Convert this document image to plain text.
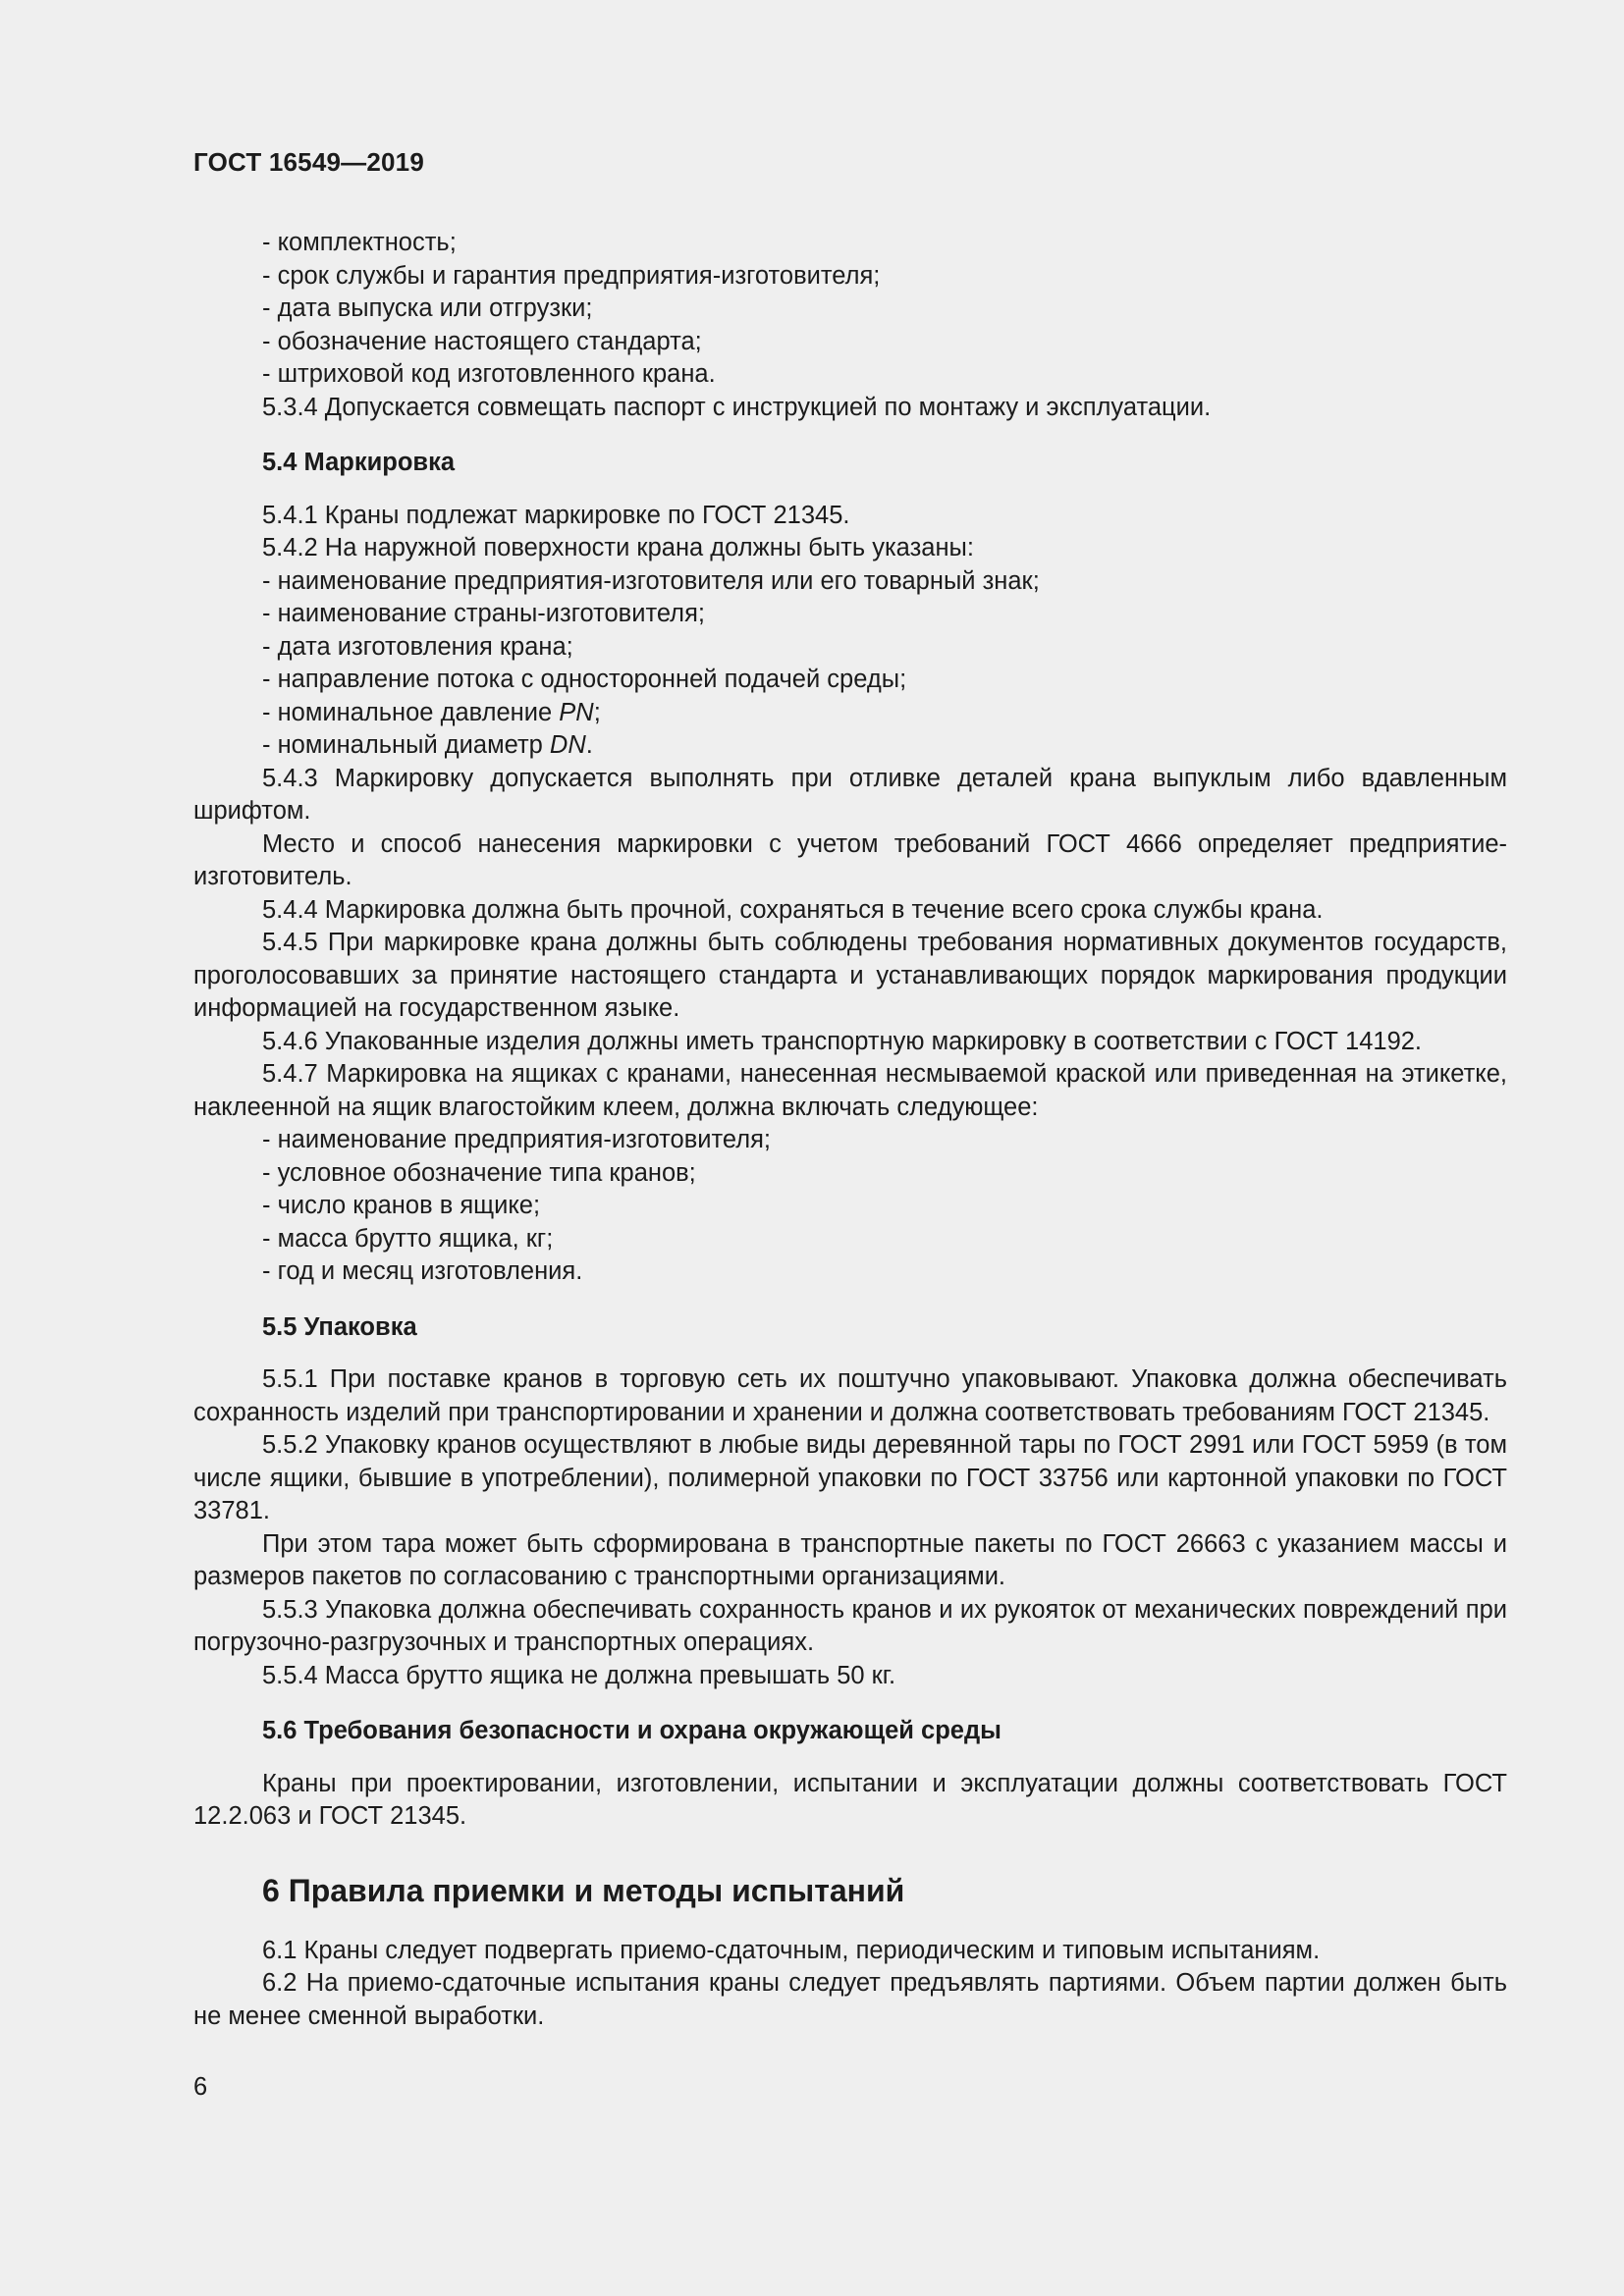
ГОСТ 16549—2019

- комплектность;

- срок службы и гарантия предприятия-изготовителя;

- дата выпуска или отгрузки;

- обозначение настоящего стандарта;

- штриховой код изготовленного крана.

5.3.4 Допускается совмещать паспорт с инструкцией по монтажу и эксплуатации.

5.4 Маркировка

5.4.1 Краны подлежат маркировке по ГОСТ 21345.

5.4.2 На наружной поверхности крана должны быть указаны:

- наименование предприятия-изготовителя или его товарный знак;

- наименование страны-изготовителя;

- дата изготовления крана;

- направление потока с односторонней подачей среды;

- номинальное давление PN;

- номинальный диаметр DN.

5.4.3 Маркировку допускается выполнять при отливке деталей крана выпуклым либо вдавленным шрифтом.

Место и способ нанесения маркировки с учетом требований ГОСТ 4666 определяет предприятие-изготовитель.

5.4.4 Маркировка должна быть прочной, сохраняться в течение всего срока службы крана.

5.4.5 При маркировке крана должны быть соблюдены требования нормативных документов государств, проголосовавших за принятие настоящего стандарта и устанавливающих порядок маркирования продукции информацией на государственном языке.

5.4.6 Упакованные изделия должны иметь транспортную маркировку в соответствии с ГОСТ 14192.

5.4.7 Маркировка на ящиках с кранами, нанесенная несмываемой краской или приведенная на этикетке, наклеенной на ящик влагостойким клеем, должна включать следующее:

- наименование предприятия-изготовителя;

- условное обозначение типа кранов;

- число кранов в ящике;

- масса брутто ящика, кг;

- год и месяц изготовления.

5.5 Упаковка

5.5.1 При поставке кранов в торговую сеть их поштучно упаковывают. Упаковка должна обеспечивать сохранность изделий при транспортировании и хранении и должна соответствовать требованиям ГОСТ 21345.

5.5.2 Упаковку кранов осуществляют в любые виды деревянной тары по ГОСТ 2991 или ГОСТ 5959 (в том числе ящики, бывшие в употреблении), полимерной упаковки по ГОСТ 33756 или картонной упаковки по ГОСТ 33781.

При этом тара может быть сформирована в транспортные пакеты по ГОСТ 26663 с указанием массы и размеров пакетов по согласованию с транспортными организациями.

5.5.3 Упаковка должна обеспечивать сохранность кранов и их рукояток от механических повреждений при погрузочно-разгрузочных и транспортных операциях.

5.5.4 Масса брутто ящика не должна превышать 50 кг.

5.6 Требования безопасности и охрана окружающей среды

Краны при проектировании, изготовлении, испытании и эксплуатации должны соответствовать ГОСТ 12.2.063 и ГОСТ 21345.

6 Правила приемки и методы испытаний

6.1 Краны следует подвергать приемо-сдаточным, периодическим и типовым испытаниям.

6.2 На приемо-сдаточные испытания краны следует предъявлять партиями. Объем партии должен быть не менее сменной выработки.

6
